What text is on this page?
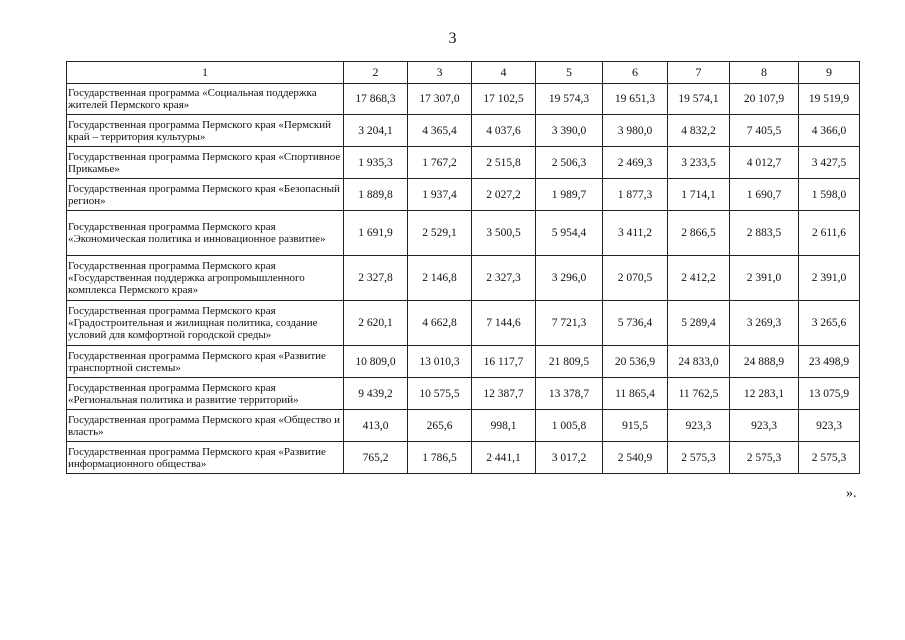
3
1	2	3	4	5	6	7	8	9
Государственная программа «Социальная поддержка жителей Пермского края»	17 868,3	17 307,0	17 102,5	19 574,3	19 651,3	19 574,1	20 107,9	19 519,9
Государственная программа Пермского края «Пермский край – территория культуры»	3 204,1	4 365,4	4 037,6	3 390,0	3 980,0	4 832,2	7 405,5	4 366,0
Государственная программа Пермского края «Спортивное Прикамье»	1 935,3	1 767,2	2 515,8	2 506,3	2 469,3	3 233,5	4 012,7	3 427,5
Государственная программа Пермского края «Безопасный регион»	1 889,8	1 937,4	2 027,2	1 989,7	1 877,3	1 714,1	1 690,7	1 598,0
Государственная программа Пермского края «Экономическая политика и инновационное развитие»	1 691,9	2 529,1	3 500,5	5 954,4	3 411,2	2 866,5	2 883,5	2 611,6
Государственная программа Пермского края «Государственная поддержка агропромышленного комплекса Пермского края»	2 327,8	2 146,8	2 327,3	3 296,0	2 070,5	2 412,2	2 391,0	2 391,0
Государственная программа Пермского края «Градостроительная и жилищная политика, создание условий для комфортной городской среды»	2 620,1	4 662,8	7 144,6	7 721,3	5 736,4	5 289,4	3 269,3	3 265,6
Государственная программа Пермского края «Развитие транспортной системы»	10 809,0	13 010,3	16 117,7	21 809,5	20 536,9	24 833,0	24 888,9	23 498,9
Государственная программа Пермского края «Региональная политика и развитие территорий»	9 439,2	10 575,5	12 387,7	13 378,7	11 865,4	11 762,5	12 283,1	13 075,9
Государственная программа Пермского края «Общество и власть»	413,0	265,6	998,1	1 005,8	915,5	923,3	923,3	923,3
Государственная программа Пермского края «Развитие информационного общества»	765,2	1 786,5	2 441,1	3 017,2	2 540,9	2 575,3	2 575,3	2 575,3
».
